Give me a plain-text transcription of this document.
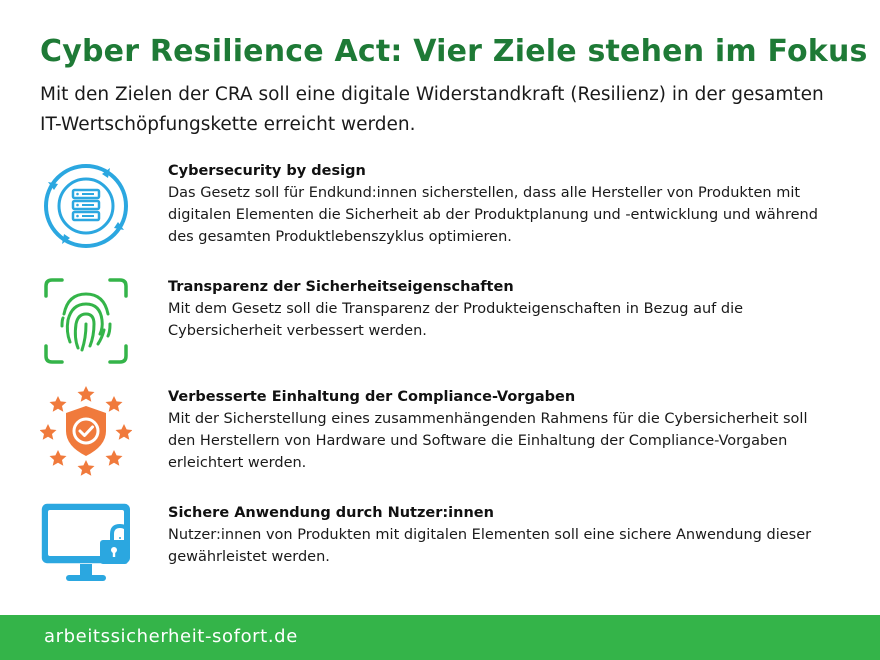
Cyber Resilience Act: Vier Ziele stehen im Fokus
Mit den Zielen der CRA soll eine digitale Widerstandkraft (Resilienz) in der gesamten IT-Wertschöpfungskette erreicht werden.
Cybersecurity by design
Das Gesetz soll für Endkund:innen sicherstellen, dass alle Hersteller von Produkten mit digitalen Elementen die Sicherheit ab der Produktplanung und -entwicklung und während des gesamten Produktlebenszyklus optimieren.
Transparenz der Sicherheitseigenschaften
Mit dem Gesetz soll die Transparenz der Produkteigenschaften in Bezug auf die Cybersicherheit verbessert werden.
Verbesserte Einhaltung der Compliance-Vorgaben
Mit der Sicherstellung eines zusammenhängenden Rahmens für die Cybersicherheit soll den Herstellern von Hardware und Software die Einhaltung der Compliance-Vorgaben erleichtert werden.
Sichere Anwendung durch Nutzer:innen
Nutzer:innen von Produkten mit digitalen Elementen soll eine sichere Anwendung dieser gewährleistet werden.
arbeitssicherheit-sofort.de
